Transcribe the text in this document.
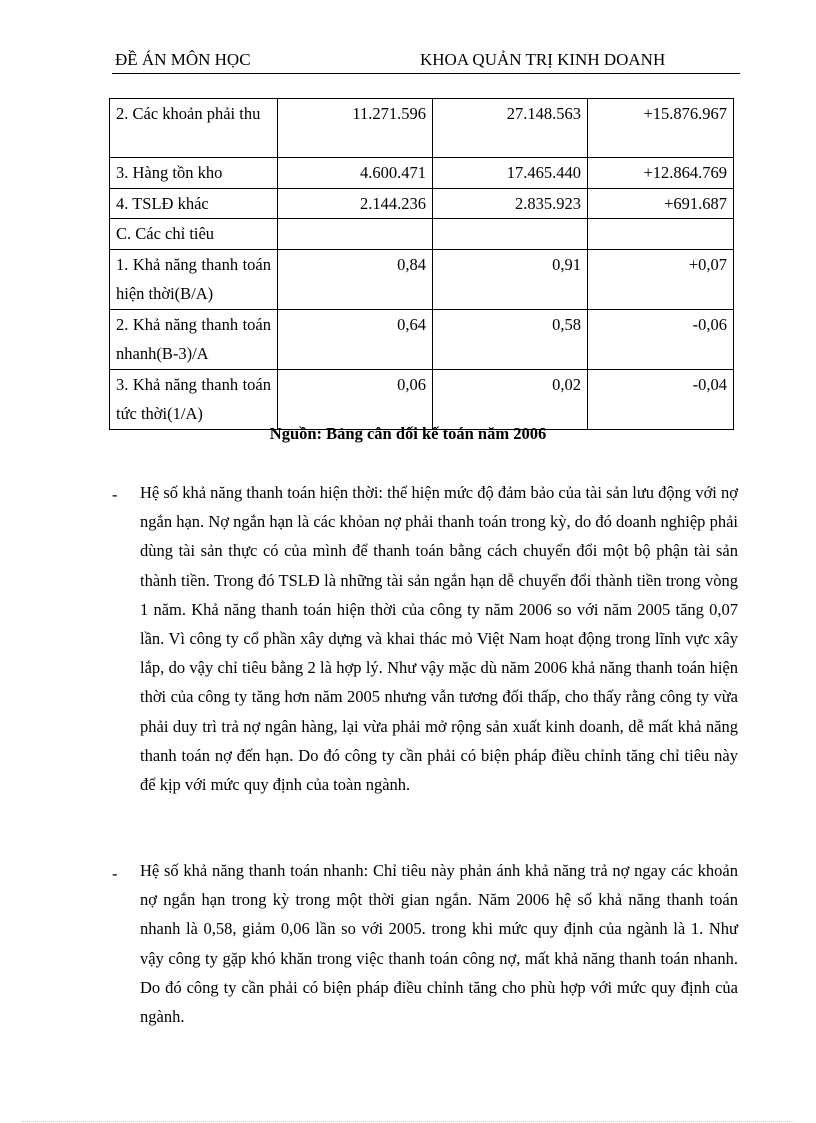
ĐỀ ÁN MÔN HỌC	KHOA QUẢN TRỊ KINH DOANH
2. Các khoản phải thu	11.271.596	27.148.563	+15.876.967
3. Hàng tồn kho	4.600.471	17.465.440	+12.864.769
4. TSLĐ khác	2.144.236	2.835.923	+691.687
C. Các chỉ tiêu			
1. Khả năng thanh toán hiện thời(B/A)	0,84	0,91	+0,07
2. Khả năng thanh toán nhanh(B-3)/A	0,64	0,58	-0,06
3. Khả năng thanh toán tức thời(1/A)	0,06	0,02	-0,04
Nguồn: Bảng cân đối kế toán năm 2006
- Hệ số khả năng thanh toán hiện thời: thể hiện mức độ đảm bảo của tài sản lưu động với nợ ngắn hạn. Nợ ngắn hạn là các khỏan nợ phải thanh toán trong kỳ, do đó doanh nghiệp phải dùng tài sản thực có của mình để thanh toán bằng cách chuyển đổi một bộ phận tài sản thành tiền. Trong đó TSLĐ là những tài sản ngắn hạn dễ chuyển đổi thành tiền trong vòng 1 năm. Khả năng thanh toán hiện thời của công ty năm 2006 so với năm 2005 tăng 0,07 lần. Vì công ty cổ phần xây dựng và khai thác mỏ Việt Nam hoạt động trong lĩnh vực xây lắp, do vậy chỉ tiêu bằng 2 là hợp lý. Như vậy mặc dù năm 2006 khả năng thanh toán hiện thời của công ty tăng hơn năm 2005 nhưng vẫn tương đối thấp, cho thấy rằng công ty vừa phải duy trì trả nợ ngân hàng, lại vừa phải mở rộng sản xuất kinh doanh, dễ mất khả năng thanh toán nợ đến hạn. Do đó công ty cần phải có biện pháp điều chỉnh tăng chỉ tiêu này để kịp với mức quy định của toàn ngành.
- Hệ số khả năng thanh toán nhanh: Chỉ tiêu này phản ánh khả năng trả nợ ngay các khoản nợ ngắn hạn trong kỳ trong một thời gian ngắn. Năm 2006 hệ số khả năng thanh toán nhanh là 0,58, giảm 0,06 lần so với 2005. trong khi mức quy định của ngành là 1. Như vậy công ty gặp khó khăn trong việc thanh toán công nợ, mất khả năng thanh toán nhanh. Do đó công ty cần phải có biện pháp điều chỉnh tăng cho phù hợp với mức quy định của ngành.
